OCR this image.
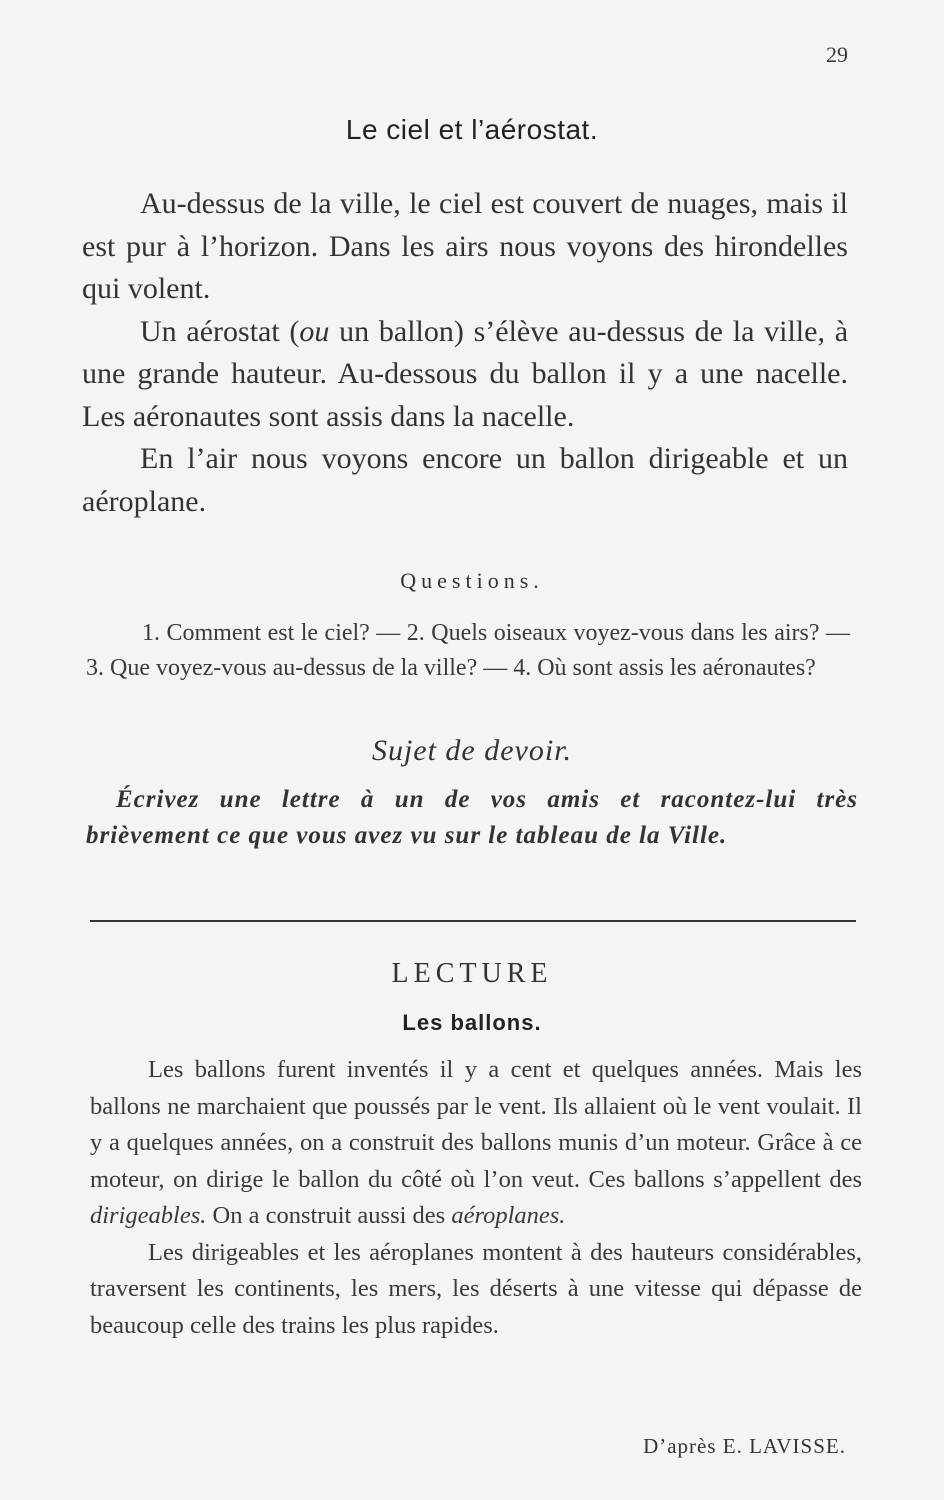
29
Le ciel et l’aérostat.

Au-dessus de la ville, le ciel est couvert de nuages, mais il est pur à l’horizon. Dans les airs nous voyons des hirondelles qui volent.

Un aérostat (ou un ballon) s’élève au-dessus de la ville, à une grande hauteur. Au-dessous du ballon il y a une nacelle. Les aéronautes sont assis dans la nacelle.

En l’air nous voyons encore un ballon dirigeable et un aéroplane.

Questions.
1. Comment est le ciel? — 2. Quels oiseaux voyez-vous dans les airs? — 3. Que voyez-vous au-dessus de la ville? — 4. Où sont assis les aéronautes?
Sujet de devoir.
Écrivez une lettre à un de vos amis et racontez-lui très brièvement ce que vous avez vu sur le tableau de la Ville.
LECTURE
Les ballons.

Les ballons furent inventés il y a cent et quelques années. Mais les ballons ne marchaient que poussés par le vent. Ils allaient où le vent voulait. Il y a quelques années, on a construit des ballons munis d’un moteur. Grâce à ce moteur, on dirige le ballon du côté où l’on veut. Ces ballons s’appellent des dirigeables. On a construit aussi des aéroplanes.

Les dirigeables et les aéroplanes montent à des hauteurs considérables, traversent les continents, les mers, les déserts à une vitesse qui dépasse de beaucoup celle des trains les plus rapides.

D’après E. LAVISSE.
